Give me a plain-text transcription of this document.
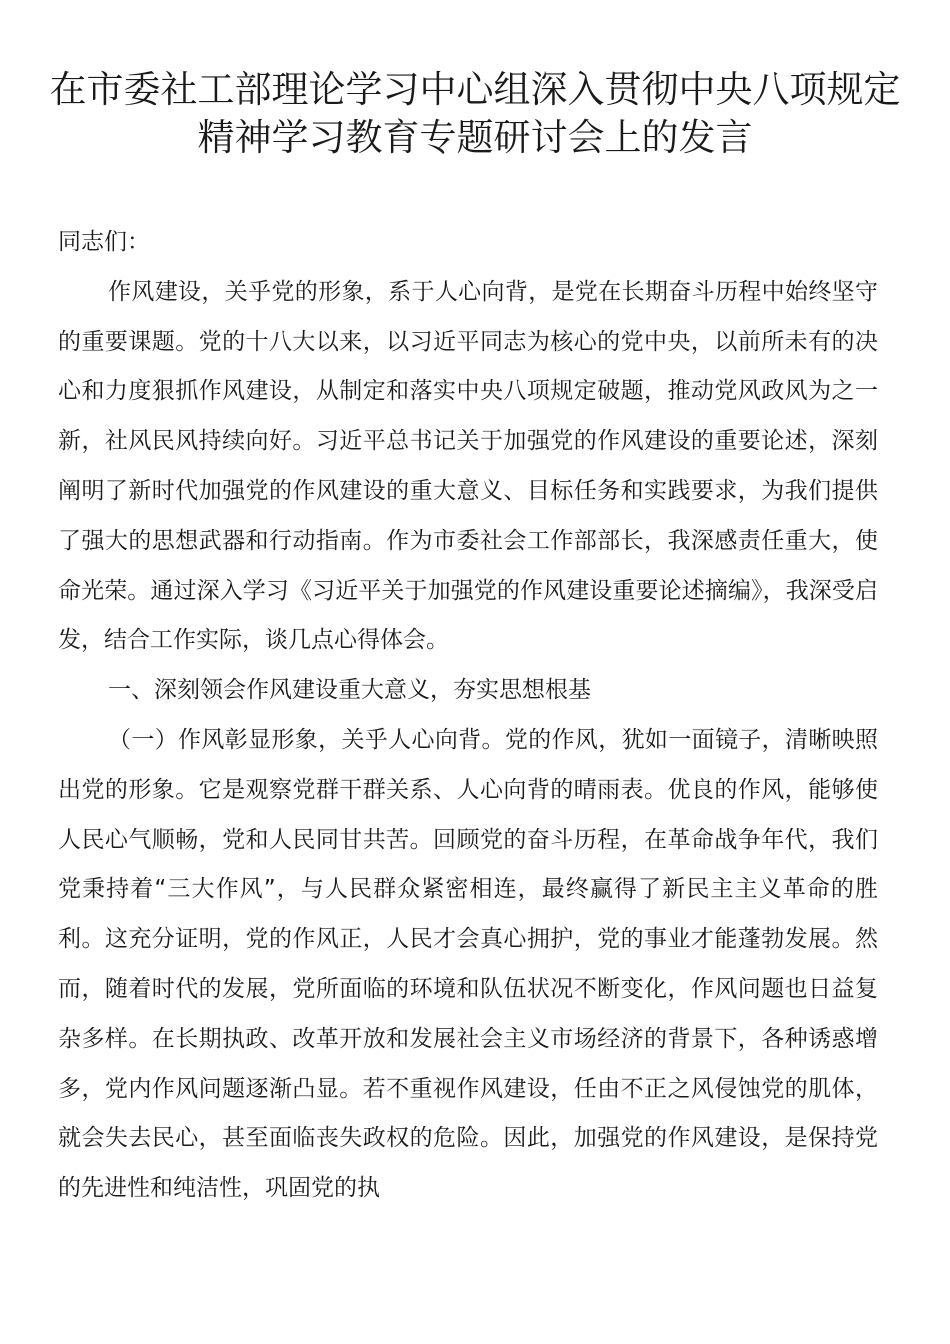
在市委社工部理论学习中心组深入贯彻中央八项规定
精神学习教育专题研讨会上的发言

同志们：

作风建设，关乎党的形象，系于人心向背，是党在长期奋斗历程中始终坚守的重要课题。党的十八大以来，以习近平同志为核心的党中央，以前所未有的决心和力度狠抓作风建设，从制定和落实中央八项规定破题，推动党风政风为之一新，社风民风持续向好。习近平总书记关于加强党的作风建设的重要论述，深刻阐明了新时代加强党的作风建设的重大意义、目标任务和实践要求，为我们提供了强大的思想武器和行动指南。作为市委社会工作部部长，我深感责任重大，使命光荣。通过深入学习《习近平关于加强党的作风建设重要论述摘编》，我深受启发，结合工作实际，谈几点心得体会。

一、深刻领会作风建设重大意义，夯实思想根基

（一）作风彰显形象，关乎人心向背。党的作风，犹如一面镜子，清晰映照出党的形象。它是观察党群干群关系、人心向背的晴雨表。优良的作风，能够使人民心气顺畅，党和人民同甘共苦。回顾党的奋斗历程，在革命战争年代，我们党秉持着“三大作风”，与人民群众紧密相连，最终赢得了新民主主义革命的胜利。这充分证明，党的作风正，人民才会真心拥护，党的事业才能蓬勃发展。然而，随着时代的发展，党所面临的环境和队伍状况不断变化，作风问题也日益复杂多样。在长期执政、改革开放和发展社会主义市场经济的背景下，各种诱惑增多，党内作风问题逐渐凸显。若不重视作风建设，任由不正之风侵蚀党的肌体，就会失去民心，甚至面临丧失政权的危险。因此，加强党的作风建设，是保持党的先进性和纯洁性，巩固党的执
